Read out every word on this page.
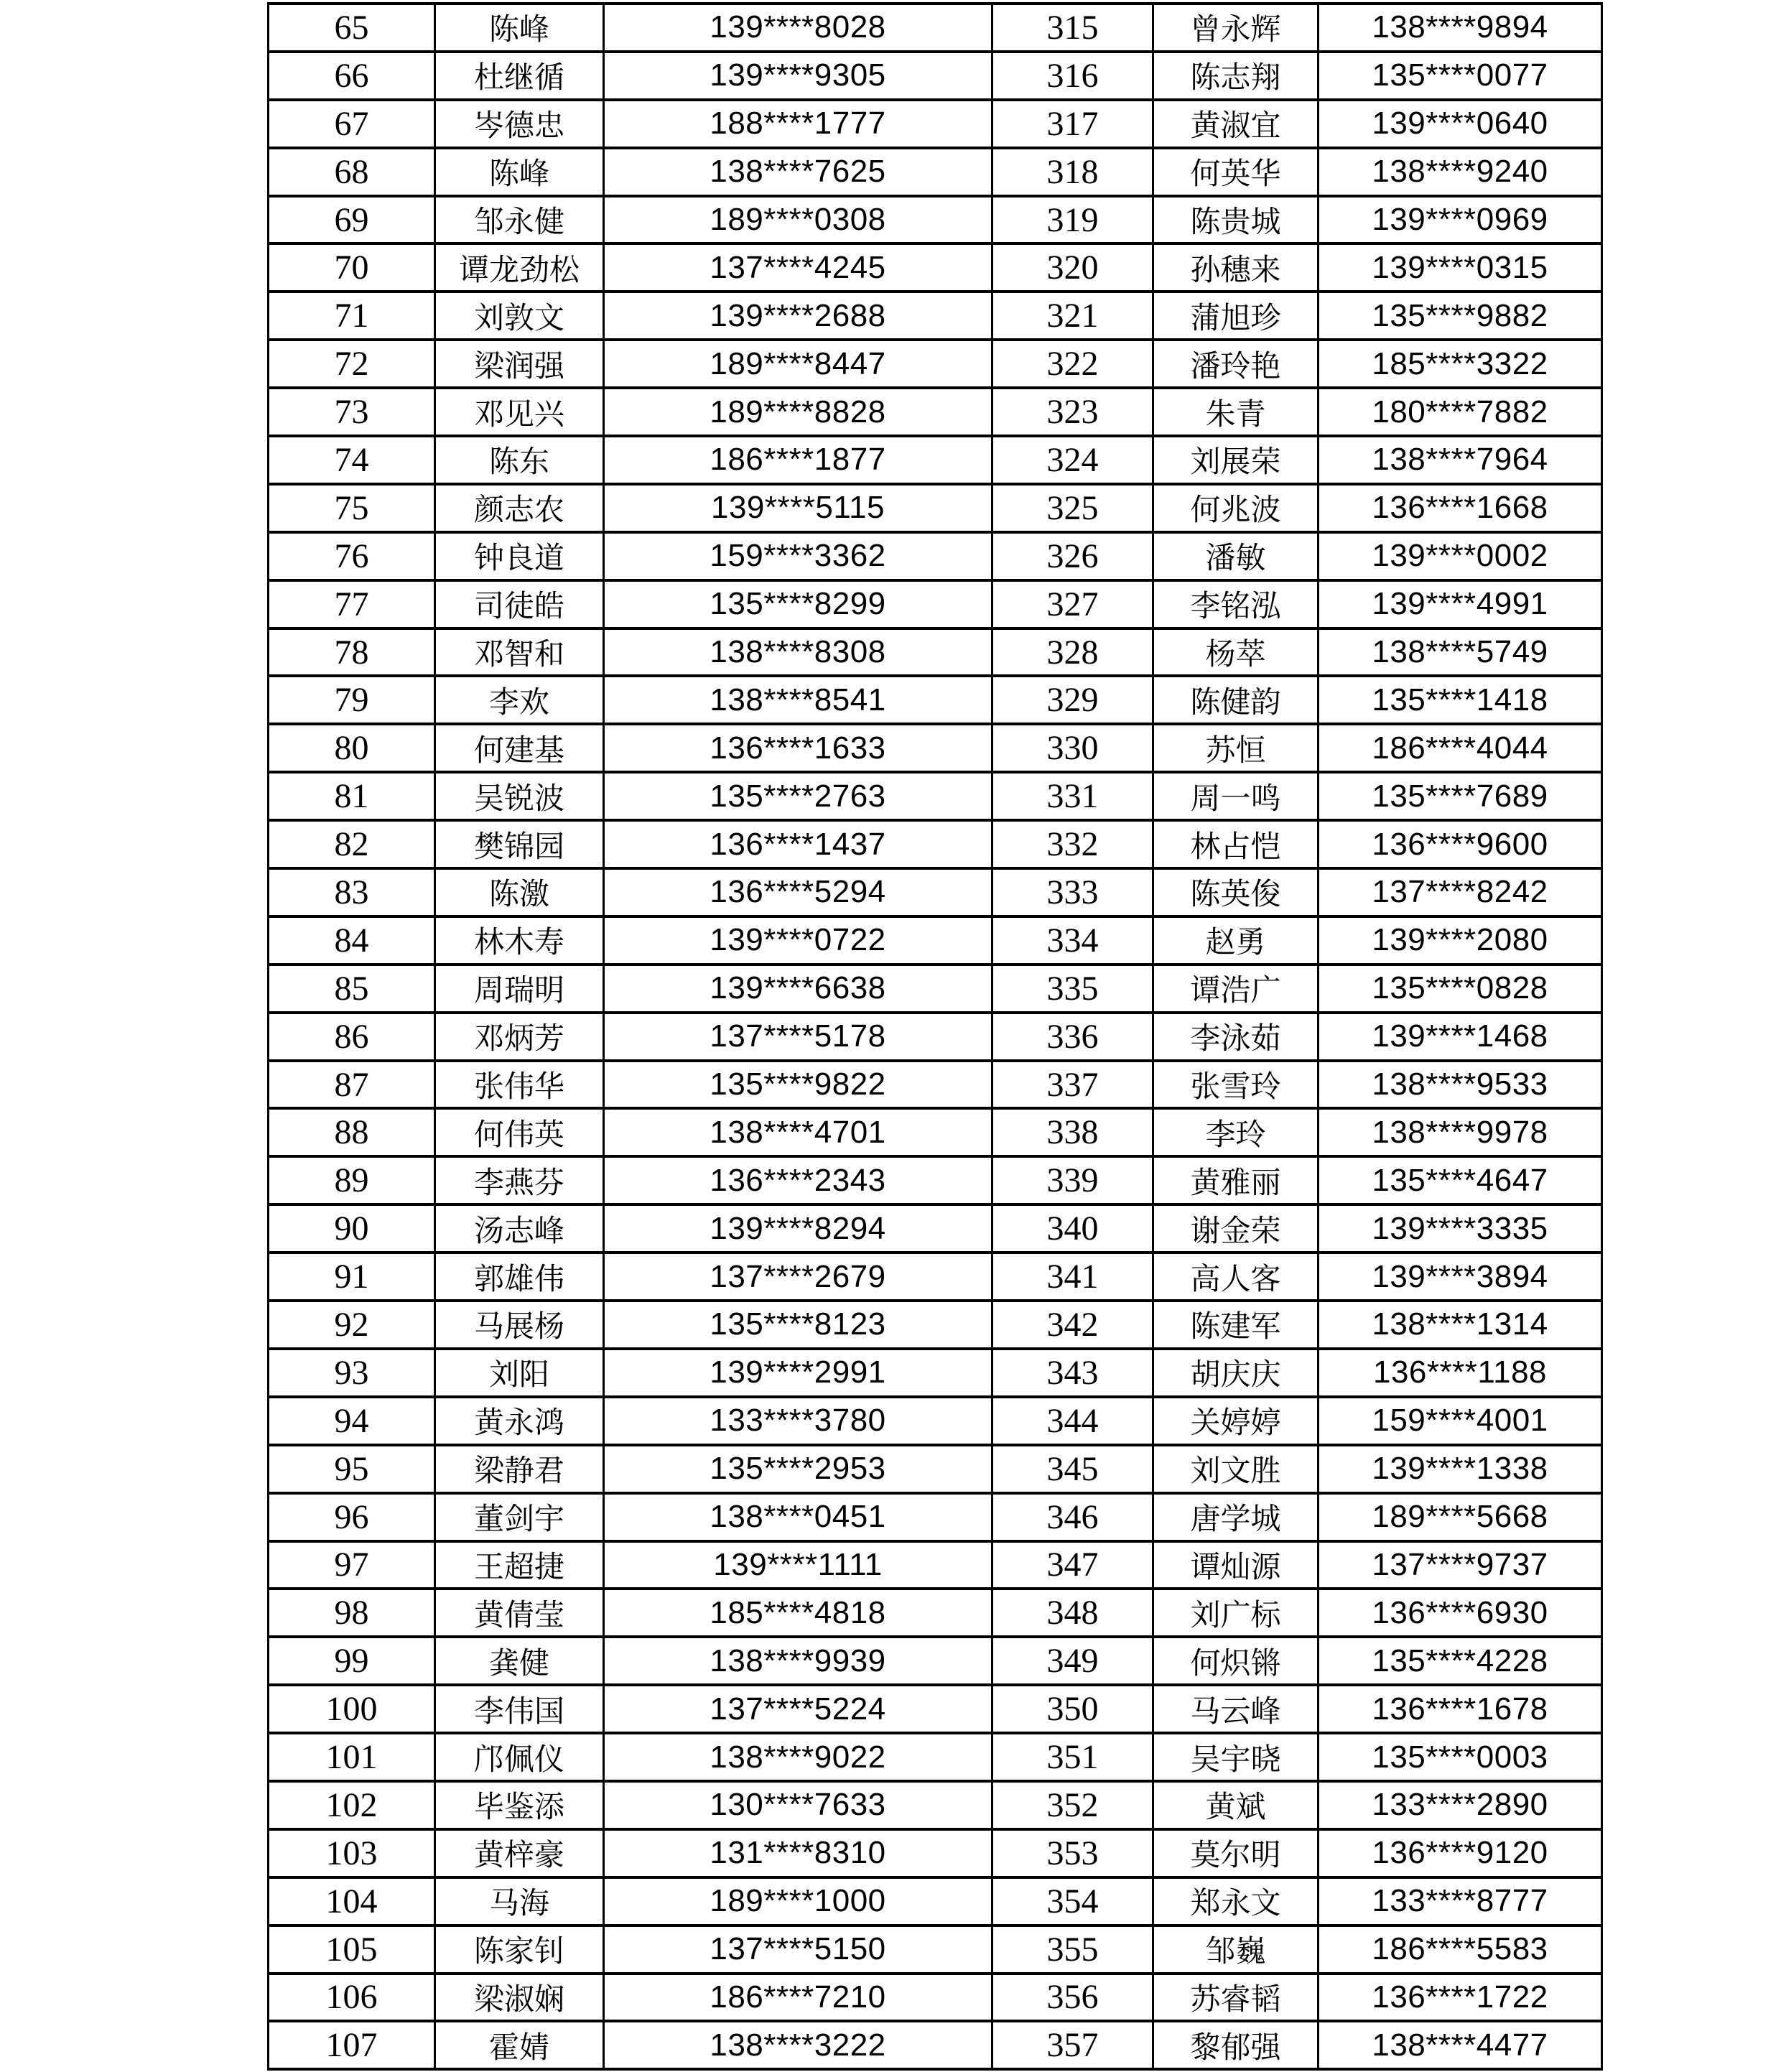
65	陈峰	139****8028	315	曾永辉	138****9894
66	杜继循	139****9305	316	陈志翔	135****0077
67	岑德忠	188****1777	317	黄淑宜	139****0640
68	陈峰	138****7625	318	何英华	138****9240
69	邹永健	189****0308	319	陈贵城	139****0969
70	谭龙劲松	137****4245	320	孙穗来	139****0315
71	刘敦文	139****2688	321	蒲旭珍	135****9882
72	梁润强	189****8447	322	潘玲艳	185****3322
73	邓见兴	189****8828	323	朱青	180****7882
74	陈东	186****1877	324	刘展荣	138****7964
75	颜志农	139****5115	325	何兆波	136****1668
76	钟良道	159****3362	326	潘敏	139****0002
77	司徒皓	135****8299	327	李铭泓	139****4991
78	邓智和	138****8308	328	杨萃	138****5749
79	李欢	138****8541	329	陈健韵	135****1418
80	何建基	136****1633	330	苏恒	186****4044
81	吴锐波	135****2763	331	周一鸣	135****7689
82	樊锦园	136****1437	332	林占恺	136****9600
83	陈激	136****5294	333	陈英俊	137****8242
84	林木寿	139****0722	334	赵勇	139****2080
85	周瑞明	139****6638	335	谭浩广	135****0828
86	邓炳芳	137****5178	336	李泳茹	139****1468
87	张伟华	135****9822	337	张雪玲	138****9533
88	何伟英	138****4701	338	李玲	138****9978
89	李燕芬	136****2343	339	黄雅丽	135****4647
90	汤志峰	139****8294	340	谢金荣	139****3335
91	郭雄伟	137****2679	341	高人客	139****3894
92	马展杨	135****8123	342	陈建军	138****1314
93	刘阳	139****2991	343	胡庆庆	136****1188
94	黄永鸿	133****3780	344	关婷婷	159****4001
95	梁静君	135****2953	345	刘文胜	139****1338
96	董剑宇	138****0451	346	唐学城	189****5668
97	王超捷	139****1111	347	谭灿源	137****9737
98	黄倩莹	185****4818	348	刘广标	136****6930
99	龚健	138****9939	349	何炽锵	135****4228
100	李伟国	137****5224	350	马云峰	136****1678
101	邝佩仪	138****9022	351	吴宇晓	135****0003
102	毕鉴添	130****7633	352	黄斌	133****2890
103	黄梓豪	131****8310	353	莫尔明	136****9120
104	马海	189****1000	354	郑永文	133****8777
105	陈家钊	137****5150	355	邹巍	186****5583
106	梁淑娴	186****7210	356	苏睿韬	136****1722
107	霍婧	138****3222	357	黎郁强	138****4477
